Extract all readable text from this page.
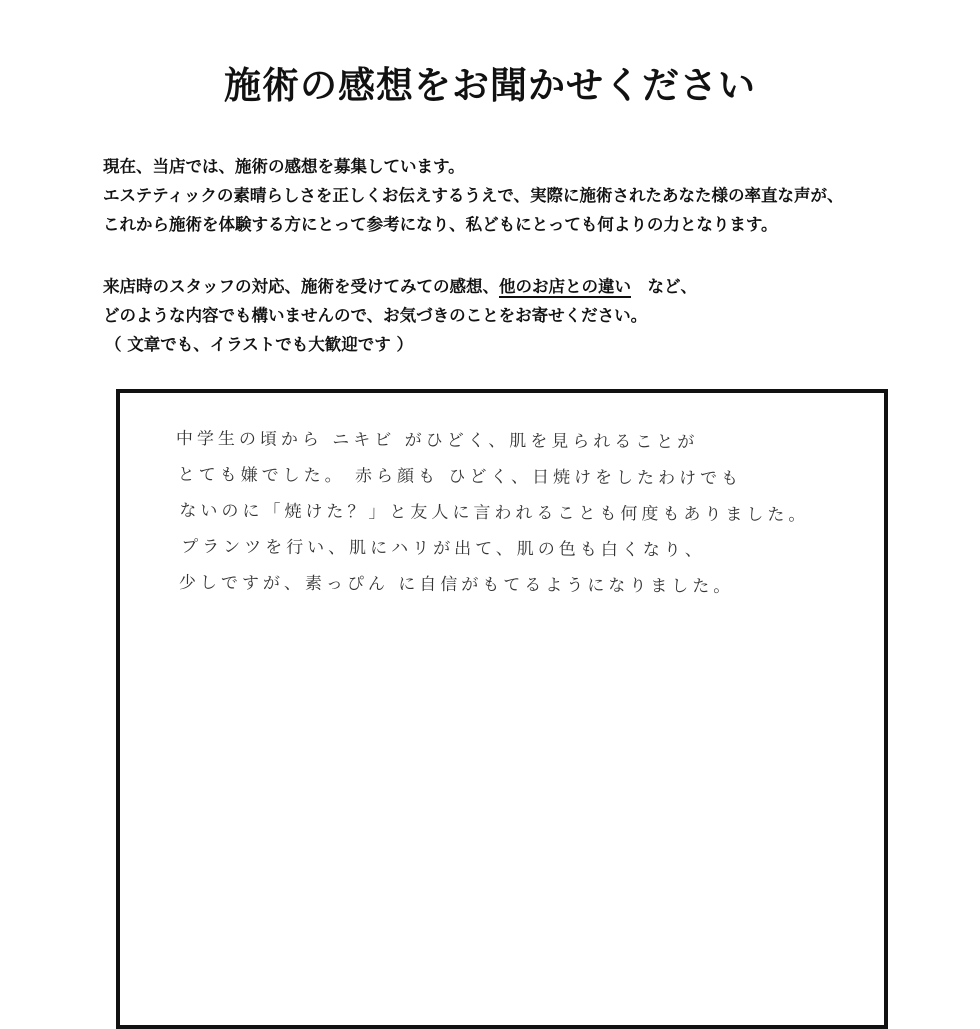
施術の感想をお聞かせください
現在、当店では、施術の感想を募集しています。
エステティックの素晴らしさを正しくお伝えするうえで、実際に施術されたあなた様の率直な声が、
これから施術を体験する方にとって参考になり、私どもにとっても何よりの力となります。
来店時のスタッフの対応、施術を受けてみての感想、他のお店との違い　 など、
どのような内容でも構いませんので、お気づきのことをお寄せください。
（ 文章でも、イラストでも大歓迎です ）
中学生の頃から ニキビ がひどく、肌を見られることが
とても嫌でした。 赤ら顔も ひどく、日焼けをしたわけでも
ないのに「焼けた？」と友人に言われることも何度もありました。
プランツを行い、肌にハリが出て、肌の色も白くなり、
少しですが、素っぴん に自信がもてるようになりました。
